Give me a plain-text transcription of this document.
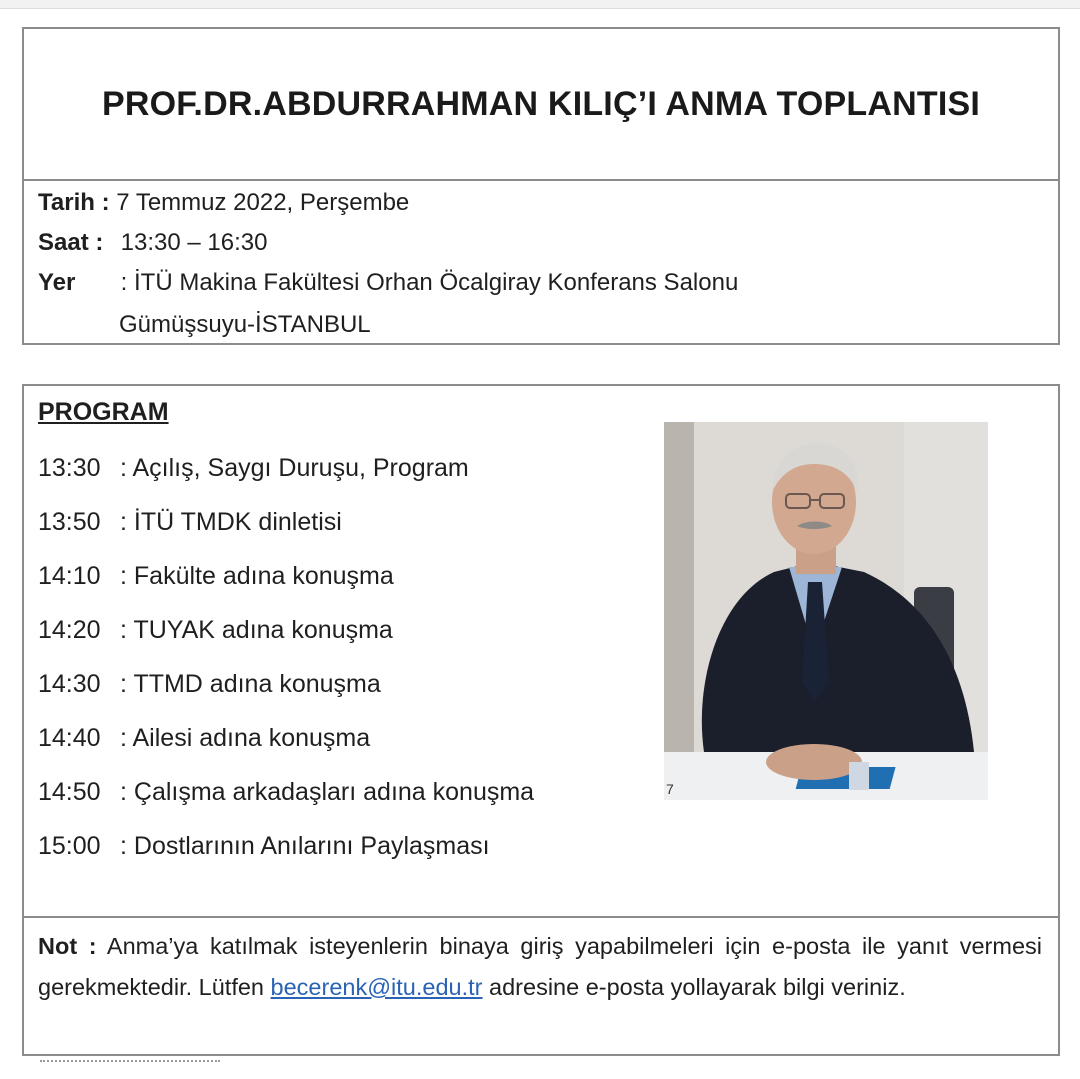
PROF.DR.ABDURRAHMAN KILIÇ’I ANMA TOPLANTISI
Tarih : 7 Temmuz 2022, Perşembe
Saat : 13:30 – 16:30
Yer : İTÜ Makina Fakültesi Orhan Öcalgiray Konferans Salonu
Gümüşsuyu-İSTANBUL
PROGRAM
13:30 : Açılış, Saygı Duruşu, Program
13:50 : İTÜ TMDK dinletisi
14:10 : Fakülte adına konuşma
14:20 : TUYAK adına konuşma
14:30 : TTMD adına konuşma
14:40 : Ailesi adına konuşma
14:50 : Çalışma arkadaşları adına konuşma
15:00 : Dostlarının Anılarını Paylaşması
7
Not : Anma’ya katılmak isteyenlerin binaya giriş yapabilmeleri için e-posta ile yanıt vermesi gerekmektedir. Lütfen becerenk@itu.edu.tr adresine e-posta yollayarak bilgi veriniz.
